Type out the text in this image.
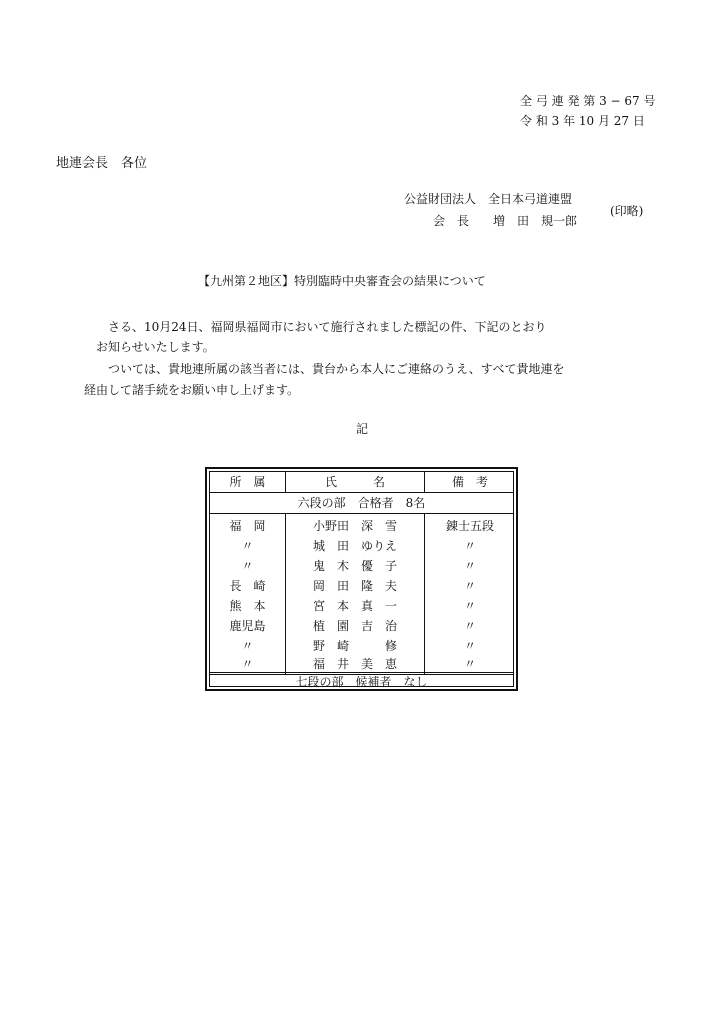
全 弓 連 発 第 3 − 67 号
令 和 3 年 10 月 27 日
地連会長　各位
公益財団法人　全日本弓道連盟
会　長　　増　田　規一郎
(印略)
【九州第２地区】特別臨時中央審査会の結果について
　さる、10月24日、福岡県福岡市において施行されました標記の件、下記のとおり
お知らせいたします。
　ついては、貴地連所属の該当者には、貴台から本人にご連絡のうえ、すべて貴地連を
経由して諸手続をお願い申し上げます。
記
所　属	氏　　　名	備　考
六段の部　合格者　8名
福　岡	小野田　深　雪	錬士五段
〃	城　田　ゆりえ	〃
〃	鬼　木　優　子	〃
長　崎	岡　田　隆　夫	〃
熊　本	宮　本　真　一	〃
鹿児島	植　園　吉　治	〃
〃	野　崎　　　修	〃
〃	福　井　美　恵	〃
七段の部　候補者　なし
